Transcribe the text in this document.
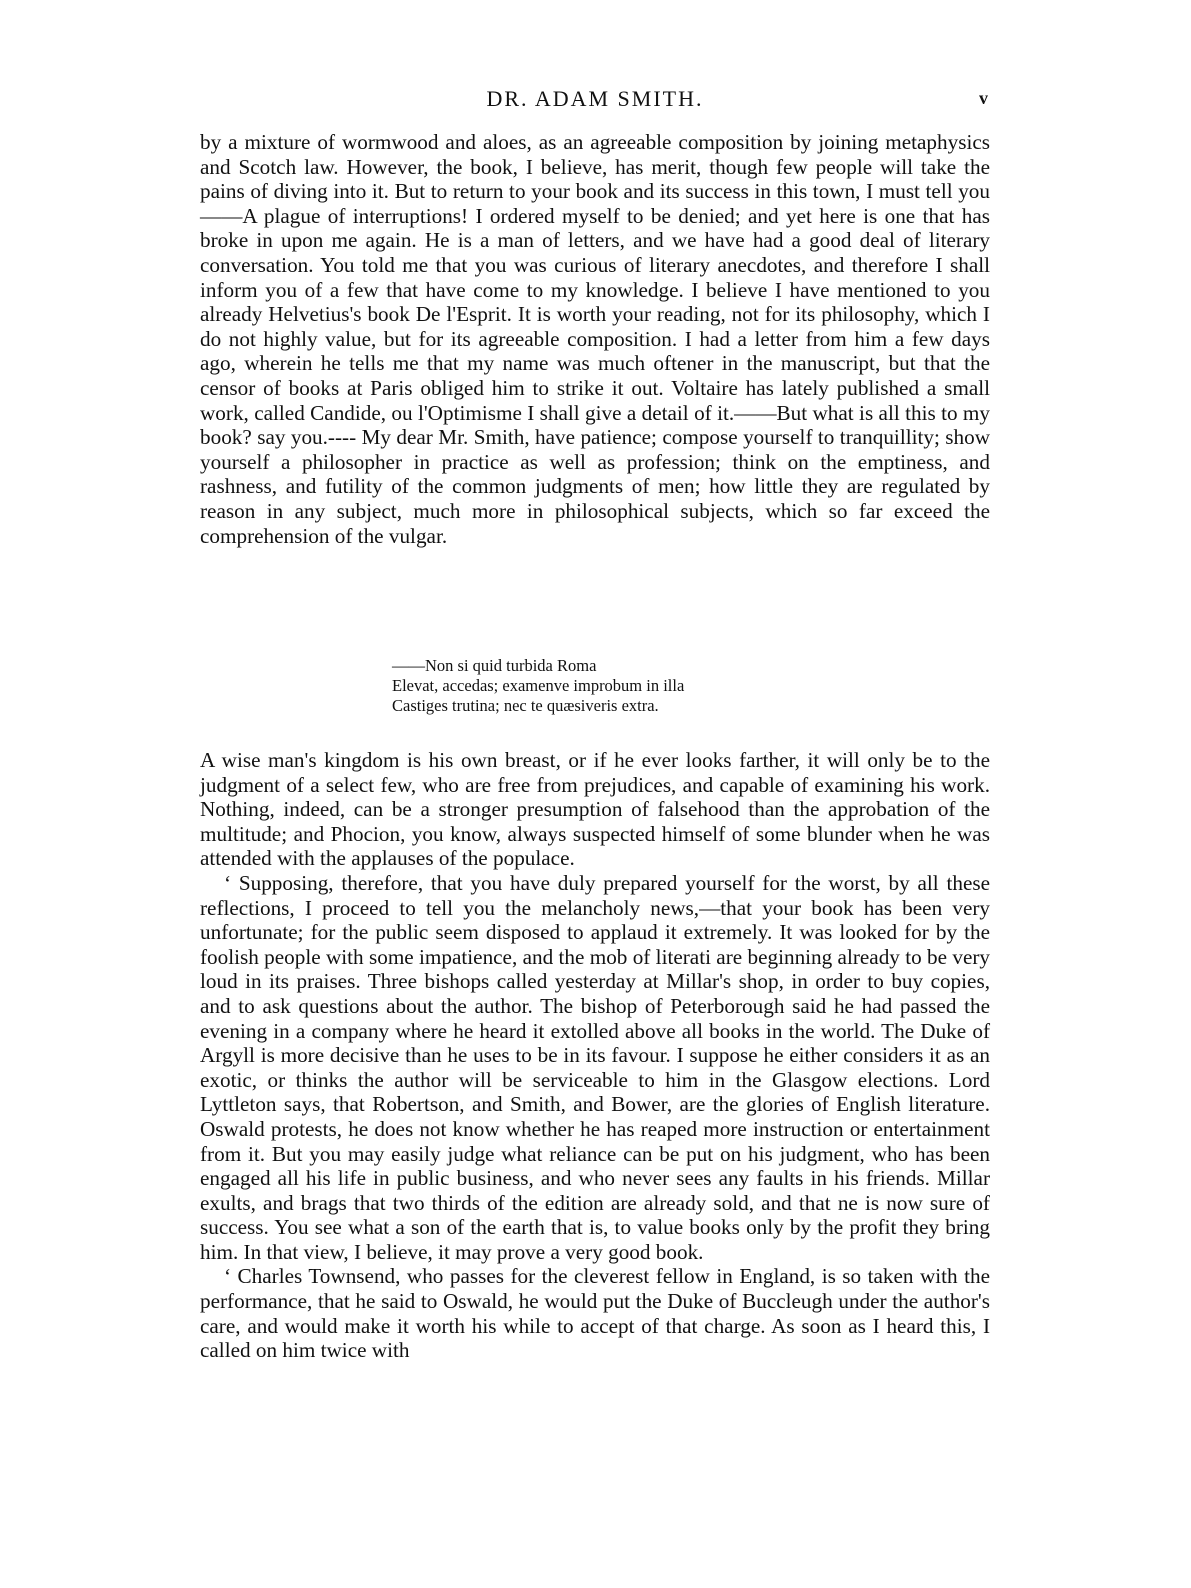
DR. ADAM SMITH.	v

by a mixture of wormwood and aloes, as an agreeable composition by joining metaphysics and Scotch law. However, the book, I believe, has merit, though few people will take the pains of diving into it. But to return to your book and its success in this town, I must tell you——A plague of interruptions! I ordered myself to be denied; and yet here is one that has broke in upon me again. He is a man of letters, and we have had a good deal of literary conversation. You told me that you was curious of literary anecdotes, and therefore I shall inform you of a few that have come to my knowledge. I believe I have mentioned to you already Helvetius's book De l'Esprit. It is worth your reading, not for its philosophy, which I do not highly value, but for its agreeable composition. I had a letter from him a few days ago, wherein he tells me that my name was much oftener in the manuscript, but that the censor of books at Paris obliged him to strike it out. Voltaire has lately published a small work, called Candide, ou l'Optimisme I shall give a detail of it.——But what is all this to my book? say you.---- My dear Mr. Smith, have patience; compose yourself to tranquillity; show yourself a philosopher in practice as well as profession; think on the emptiness, and rashness, and futility of the common judgments of men; how little they are regulated by reason in any subject, much more in philosophical subjects, which so far exceed the comprehension of the vulgar.

——Non si quid turbida Roma
Elevat, accedas; examenve improbum in illa
Castiges trutina; nec te quæsiveris extra.

A wise man's kingdom is his own breast, or if he ever looks farther, it will only be to the judgment of a select few, who are free from prejudices, and capable of examining his work. Nothing, indeed, can be a stronger presumption of falsehood than the approbation of the multitude; and Phocion, you know, always suspected himself of some blunder when he was attended with the applauses of the populace.

‘ Supposing, therefore, that you have duly prepared yourself for the worst, by all these reflections, I proceed to tell you the melancholy news,—that your book has been very unfortunate; for the public seem disposed to applaud it extremely. It was looked for by the foolish people with some impatience, and the mob of literati are beginning already to be very loud in its praises. Three bishops called yesterday at Millar's shop, in order to buy copies, and to ask questions about the author. The bishop of Peterborough said he had passed the evening in a company where he heard it extolled above all books in the world. The Duke of Argyll is more decisive than he uses to be in its favour. I suppose he either considers it as an exotic, or thinks the author will be serviceable to him in the Glasgow elections. Lord Lyttleton says, that Robertson, and Smith, and Bower, are the glories of English literature. Oswald protests, he does not know whether he has reaped more instruction or entertainment from it. But you may easily judge what reliance can be put on his judgment, who has been engaged all his life in public business, and who never sees any faults in his friends. Millar exults, and brags that two thirds of the edition are already sold, and that ne is now sure of success. You see what a son of the earth that is, to value books only by the profit they bring him. In that view, I believe, it may prove a very good book.

‘ Charles Townsend, who passes for the cleverest fellow in England, is so taken with the performance, that he said to Oswald, he would put the Duke of Buccleugh under the author's care, and would make it worth his while to accept of that charge. As soon as I heard this, I called on him twice with
